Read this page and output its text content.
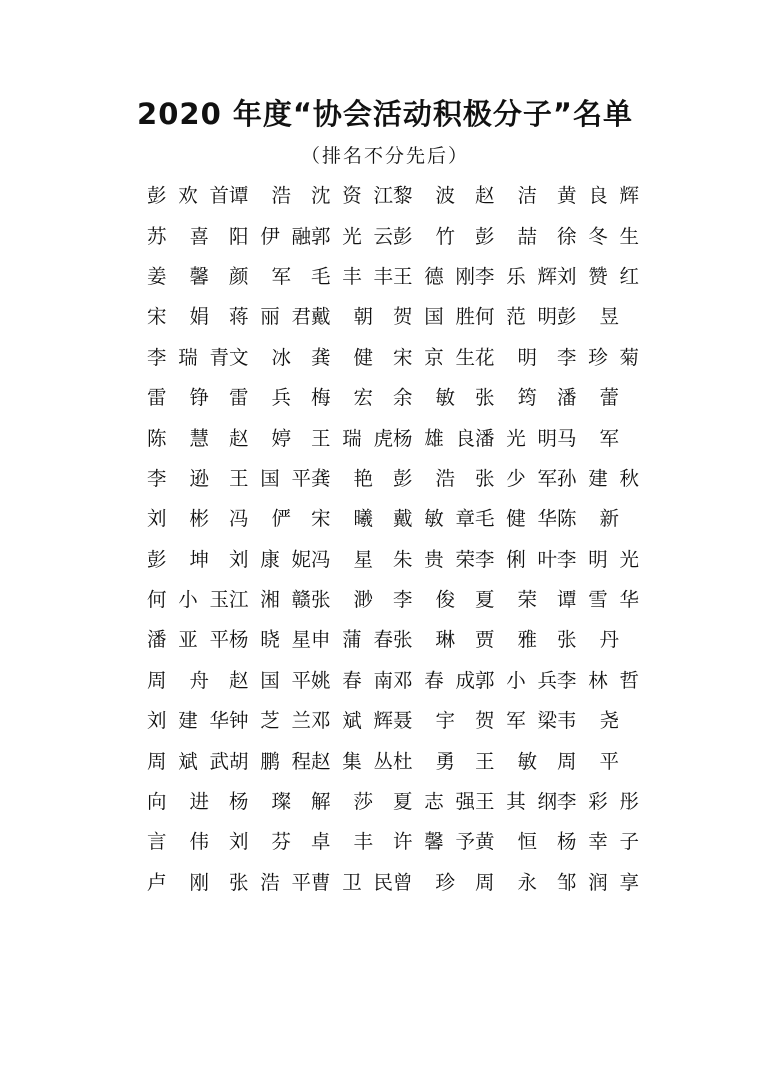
2020 年度“协会活动积极分子”名单
（排名不分先后）
彭 欢 首 谭 浩 沈 资 江 黎 波 赵 洁 黄 良 辉
苏 喜 阳 伊 融 郭 光 云 彭 竹 彭 喆 徐 冬 生
姜 馨 颜 军 毛 丰 丰 王 德 刚 李 乐 辉 刘 赞 红
宋 娟 蒋 丽 君 戴 朝 贺 国 胜 何 范 明 彭 昱
李 瑞 青 文 冰 龚 健 宋 京 生 花 明 李 珍 菊
雷 铮 雷 兵 梅 宏 余 敏 张 筠 潘 蕾
陈 慧 赵 婷 王 瑞 虎 杨 雄 良 潘 光 明 马 军
李 逊 王 国 平 龚 艳 彭 浩 张 少 军 孙 建 秋
刘 彬 冯 俨 宋 曦 戴 敏 章 毛 健 华 陈 新
彭 坤 刘 康 妮 冯 星 朱 贵 荣 李 俐 叶 李 明 光
何 小 玉 江 湘 赣 张 渺 李 俊 夏 荣 谭 雪 华
潘 亚 平 杨 晓 星 申 蒲 春 张 琳 贾 雅 张 丹
周 舟 赵 国 平 姚 春 南 邓 春 成 郭 小 兵 李 林 哲
刘 建 华 钟 芝 兰 邓 斌 辉 聂 宇 贺 军 梁 韦 尧
周 斌 武 胡 鹏 程 赵 集 丛 杜 勇 王 敏 周 平
向 进 杨 璨 解 莎 夏 志 强 王 其 纲 李 彩 彤
言 伟 刘 芬 卓 丰 许 馨 予 黄 恒 杨 幸 子
卢 刚 张 浩 平 曹 卫 民 曾 珍 周 永 邹 润 享
